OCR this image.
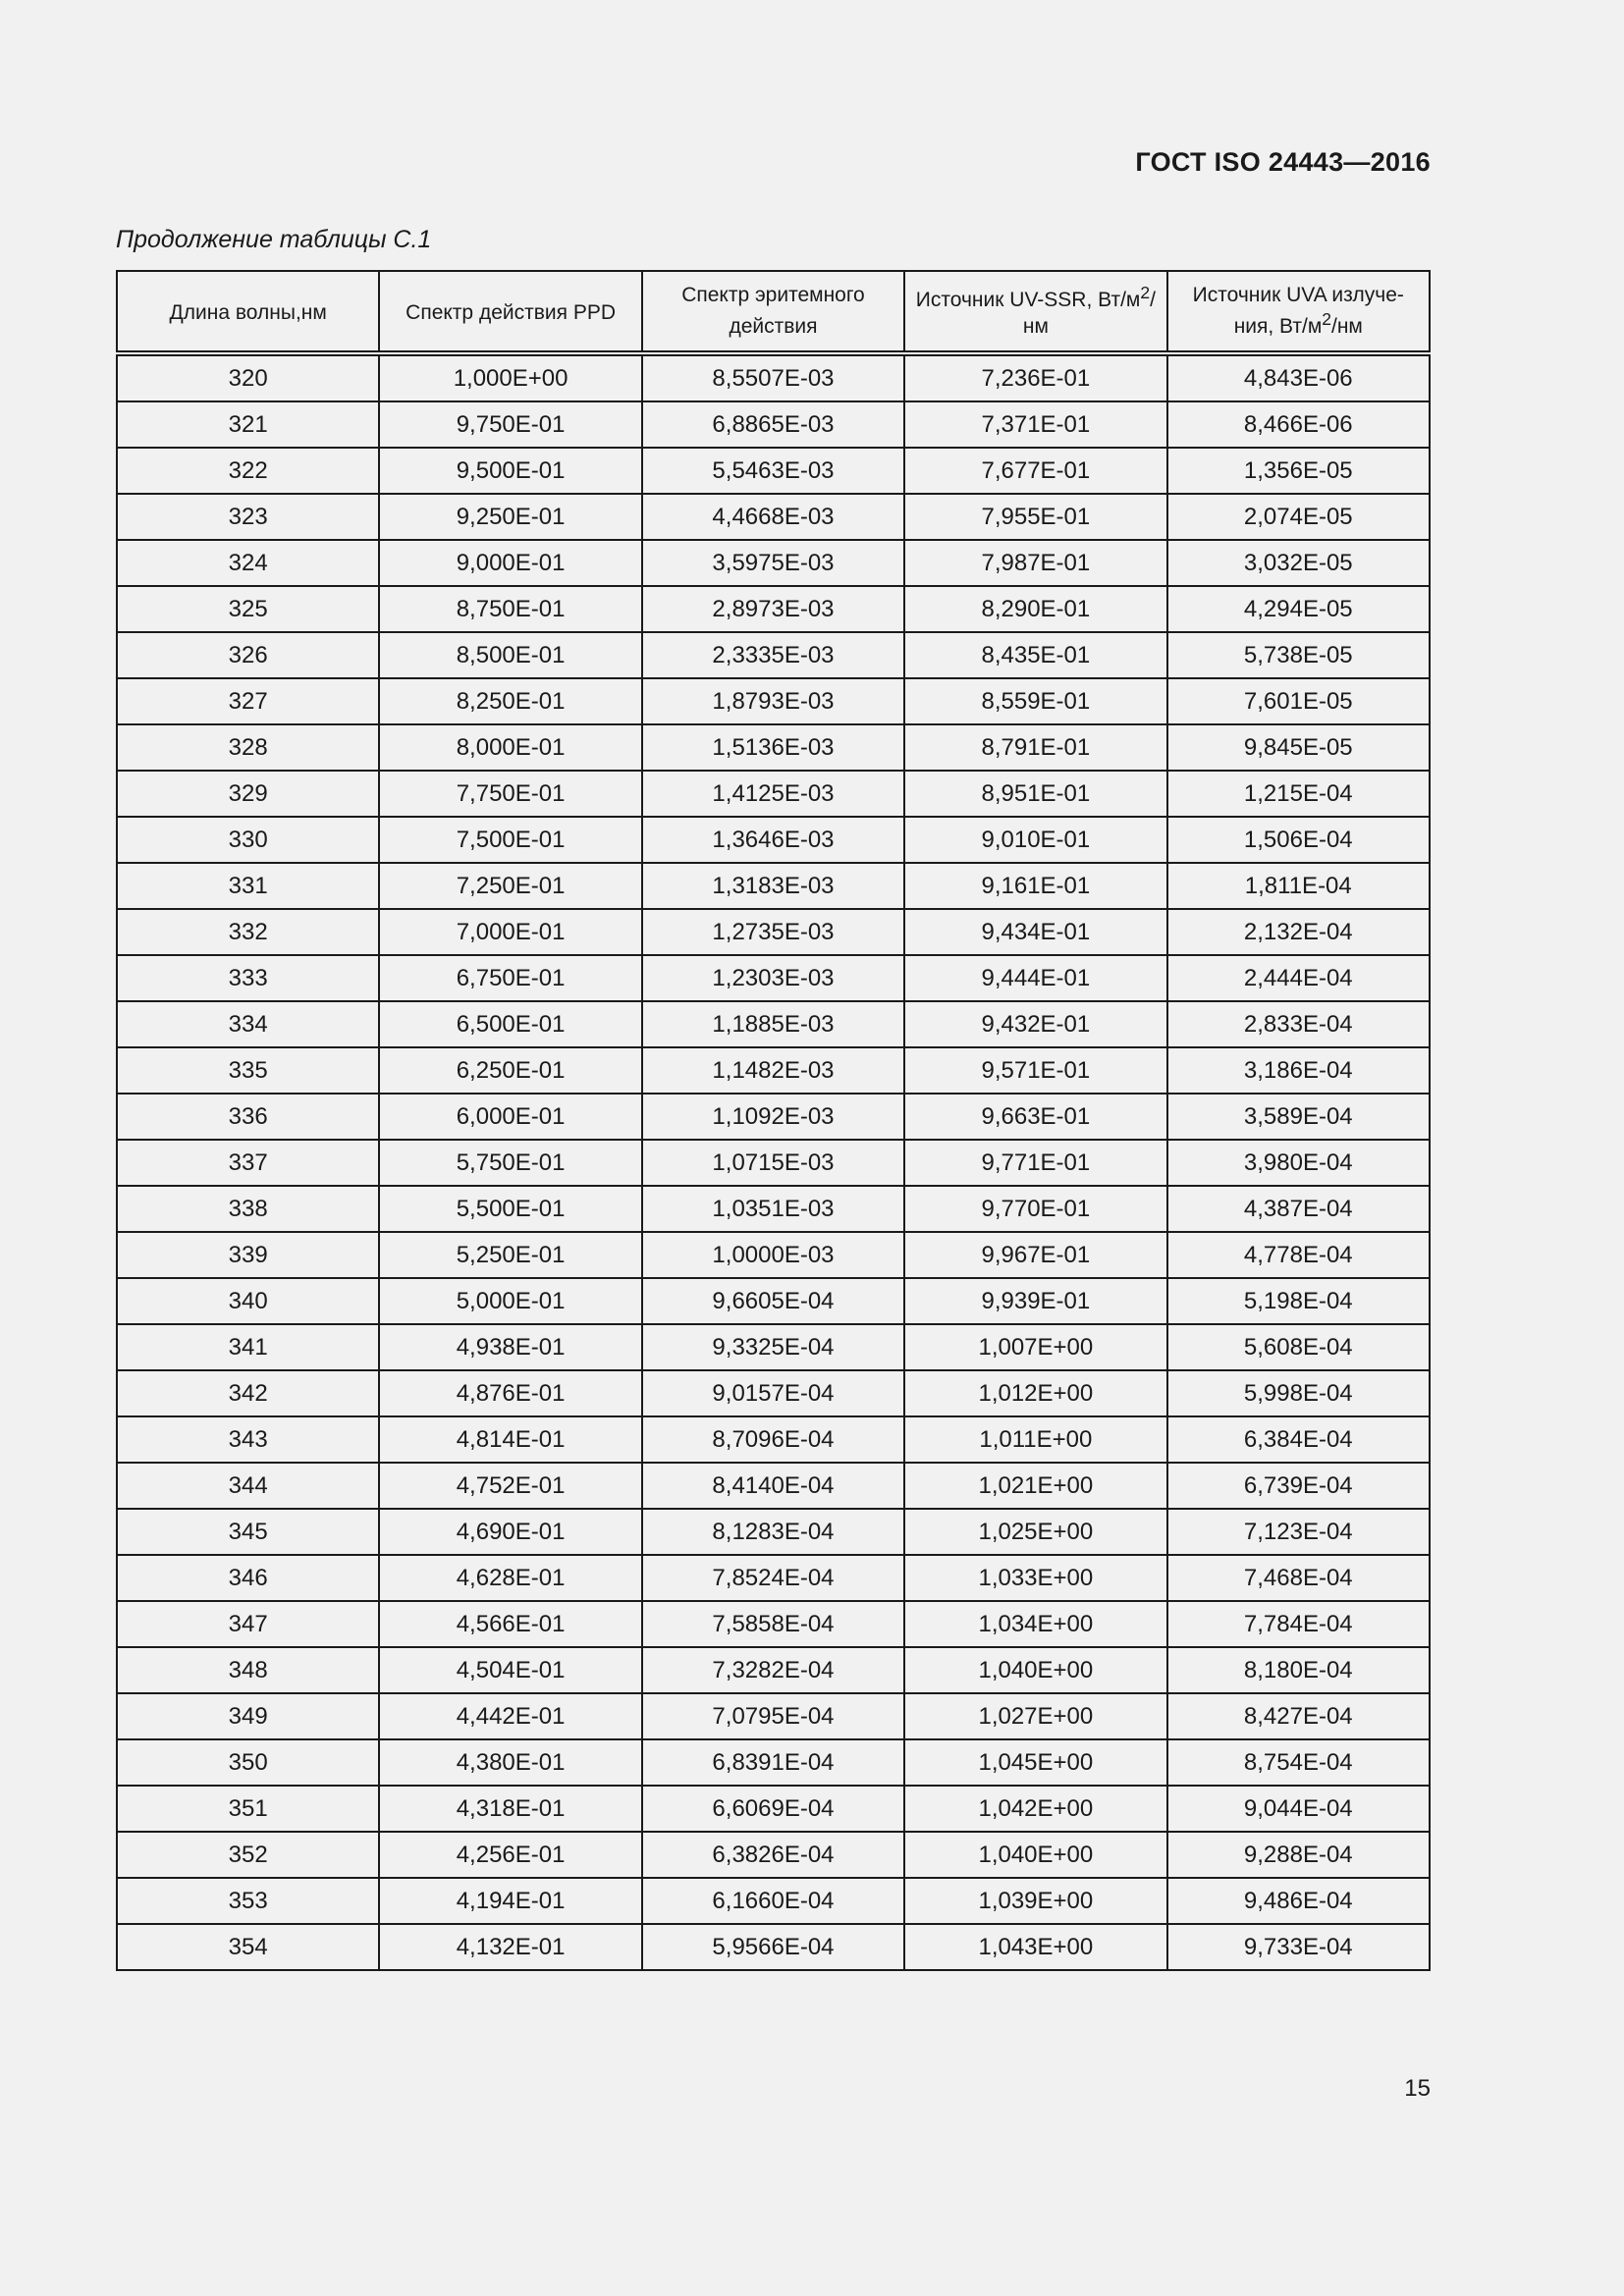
ГОСТ ISO 24443—2016
Продолжение таблицы С.1
Длина волны,нм	Спектр действия PPD	Спектр эритемного действия	Источник UV-SSR, $Вт/м^2/нм$	Источник UVA излуче-ния, $Вт/м^2/нм$
320	1,000E+00	8,5507E-03	7,236E-01	4,843E-06
321	9,750E-01	6,8865E-03	7,371E-01	8,466E-06
322	9,500E-01	5,5463E-03	7,677E-01	1,356E-05
323	9,250E-01	4,4668E-03	7,955E-01	2,074E-05
324	9,000E-01	3,5975E-03	7,987E-01	3,032E-05
325	8,750E-01	2,8973E-03	8,290E-01	4,294E-05
326	8,500E-01	2,3335E-03	8,435E-01	5,738E-05
327	8,250E-01	1,8793E-03	8,559E-01	7,601E-05
328	8,000E-01	1,5136E-03	8,791E-01	9,845E-05
329	7,750E-01	1,4125E-03	8,951E-01	1,215E-04
330	7,500E-01	1,3646E-03	9,010E-01	1,506E-04
331	7,250E-01	1,3183E-03	9,161E-01	1,811E-04
332	7,000E-01	1,2735E-03	9,434E-01	2,132E-04
333	6,750E-01	1,2303E-03	9,444E-01	2,444E-04
334	6,500E-01	1,1885E-03	9,432E-01	2,833E-04
335	6,250E-01	1,1482E-03	9,571E-01	3,186E-04
336	6,000E-01	1,1092E-03	9,663E-01	3,589E-04
337	5,750E-01	1,0715E-03	9,771E-01	3,980E-04
338	5,500E-01	1,0351E-03	9,770E-01	4,387E-04
339	5,250E-01	1,0000E-03	9,967E-01	4,778E-04
340	5,000E-01	9,6605E-04	9,939E-01	5,198E-04
341	4,938E-01	9,3325E-04	1,007E+00	5,608E-04
342	4,876E-01	9,0157E-04	1,012E+00	5,998E-04
343	4,814E-01	8,7096E-04	1,011E+00	6,384E-04
344	4,752E-01	8,4140E-04	1,021E+00	6,739E-04
345	4,690E-01	8,1283E-04	1,025E+00	7,123E-04
346	4,628E-01	7,8524E-04	1,033E+00	7,468E-04
347	4,566E-01	7,5858E-04	1,034E+00	7,784E-04
348	4,504E-01	7,3282E-04	1,040E+00	8,180E-04
349	4,442E-01	7,0795E-04	1,027E+00	8,427E-04
350	4,380E-01	6,8391E-04	1,045E+00	8,754E-04
351	4,318E-01	6,6069E-04	1,042E+00	9,044E-04
352	4,256E-01	6,3826E-04	1,040E+00	9,288E-04
353	4,194E-01	6,1660E-04	1,039E+00	9,486E-04
354	4,132E-01	5,9566E-04	1,043E+00	9,733E-04
15
